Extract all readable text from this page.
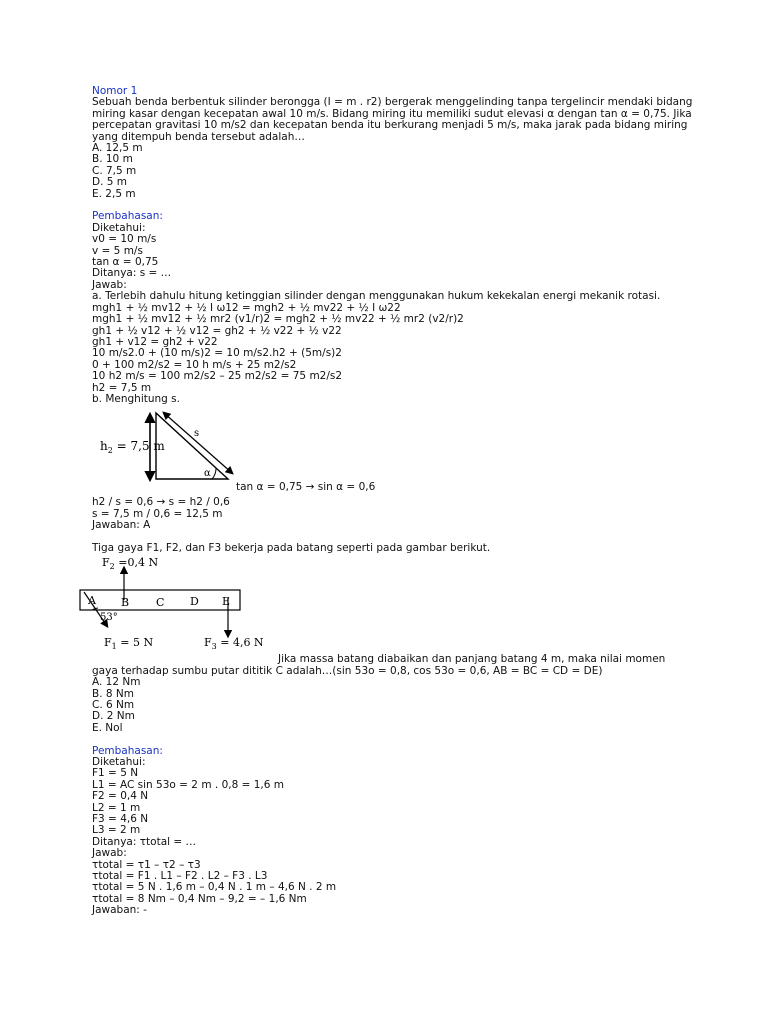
Nomor 1
Sebuah benda berbentuk silinder berongga (I = m . r2) bergerak menggelinding tanpa tergelincir mendaki bidang miring kasar dengan kecepatan awal 10 m/s. Bidang miring itu memiliki sudut elevasi α dengan tan α = 0,75. Jika percepatan gravitasi 10 m/s2 dan kecepatan benda itu berkurang menjadi 5 m/s, maka jarak pada bidang miring yang ditempuh benda tersebut adalah…
A. 12,5 m
B. 10 m
C. 7,5 m
D. 5 m
E. 2,5 m
Pembahasan:
Diketahui:
v0 = 10 m/s
v = 5 m/s
tan α = 0,75
Ditanya: s = …
Jawab:
a. Terlebih dahulu hitung ketinggian silinder dengan menggunakan hukum kekekalan energi mekanik rotasi.
mgh1 + ½ mv12 + ½ I ω12 = mgh2 + ½ mv22 + ½ I ω22
mgh1 + ½ mv12 + ½ mr2 (v1/r)2 = mgh2 + ½ mv22 + ½ mr2 (v2/r)2
gh1 + ½ v12 + ½ v12 = gh2 + ½ v22 + ½ v22
gh1 + v12 = gh2 + v22
10 m/s2.0 + (10 m/s)2 = 10 m/s2.h2 + (5m/s)2
0 + 100 m2/s2 = 10 h m/s + 25 m2/s2
10 h2 m/s = 100 m2/s2 – 25 m2/s2 = 75 m2/s2
h2 = 7,5 m
b. Menghitung s.
$h_2 = 7,5$ m
s
α
tan α = 0,75 → sin α = 0,6
h2 / s = 0,6 → s = h2 / 0,6
s = 7,5 m / 0,6 = 12,5 m
Jawaban: A
Tiga gaya F1, F2, dan F3 bekerja pada batang seperti pada gambar berikut.
$F_2 =0,4$ N
A B C D E
53°
$F_1 = 5$ N	$F_3 = 4,6$ N
Jika massa batang diabaikan dan panjang batang 4 m, maka nilai momen
gaya terhadap sumbu putar dititik C adalah…(sin 53o = 0,8, cos 53o = 0,6, AB = BC = CD = DE)
A. 12 Nm
B. 8 Nm
C. 6 Nm
D. 2 Nm
E. Nol
Pembahasan:
Diketahui:
F1 = 5 N
L1 = AC sin 53o = 2 m . 0,8 = 1,6 m
F2 = 0,4 N
L2 = 1 m
F3 = 4,6 N
L3 = 2 m
Ditanya: τtotal = …
Jawab:
τtotal = τ1 – τ2 – τ3
τtotal = F1 . L1 – F2 . L2 – F3 . L3
τtotal = 5 N . 1,6 m – 0,4 N . 1 m – 4,6 N . 2 m
τtotal = 8 Nm – 0,4 Nm – 9,2 = – 1,6 Nm
Jawaban: -
